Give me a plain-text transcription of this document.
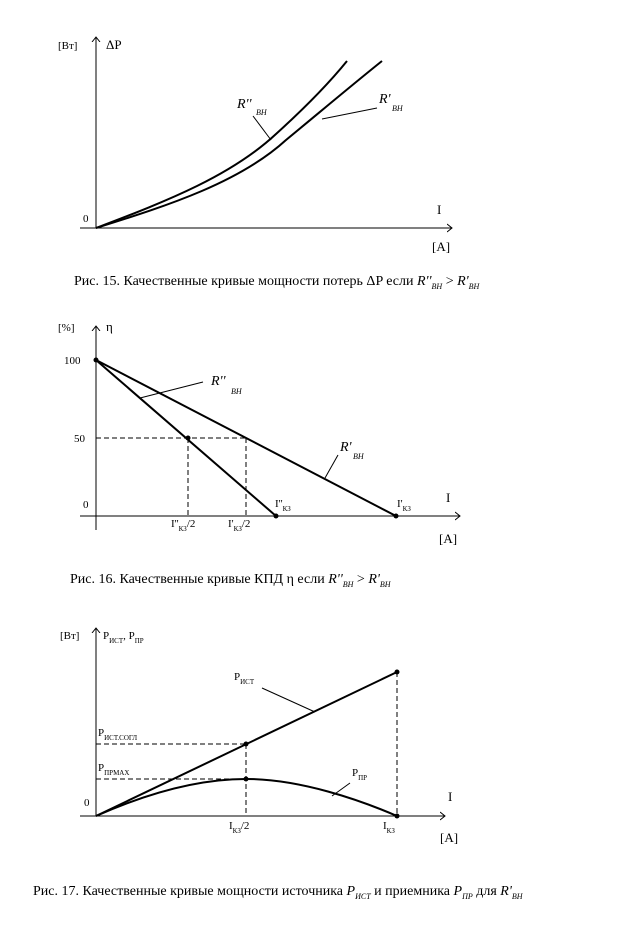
[Вт] ΔP
0
I
[A]
R''
ВН
R'
ВН
Рис. 15. Качественные кривые мощности потерь ΔP если $R''_{ВН} > R'_{ВН}$
[%] η
100
50
0	I
[A]
R''
ВН
R'
ВН
$I''_{КЗ}/2$	$I'_{КЗ}/2$
$I''_{КЗ}$	$I'_{КЗ}$
Рис. 16. Качественные кривые КПД η если $R''_{ВН} > R'_{ВН}$
[Вт] $P_{ИСТ}$, $P_{ПР}$
0	I
[A]
$P_{ИСТ}$
$P_{ПР}$
$P_{ИСТ.СОГЛ}$
$P_{ПРMAX}$
$I_{КЗ}/2$	$I_{КЗ}$
Рис. 17. Качественные кривые мощности источника $P_{ИСТ}$ и приемника $P_{ПР}$ для $R'_{ВН}$
